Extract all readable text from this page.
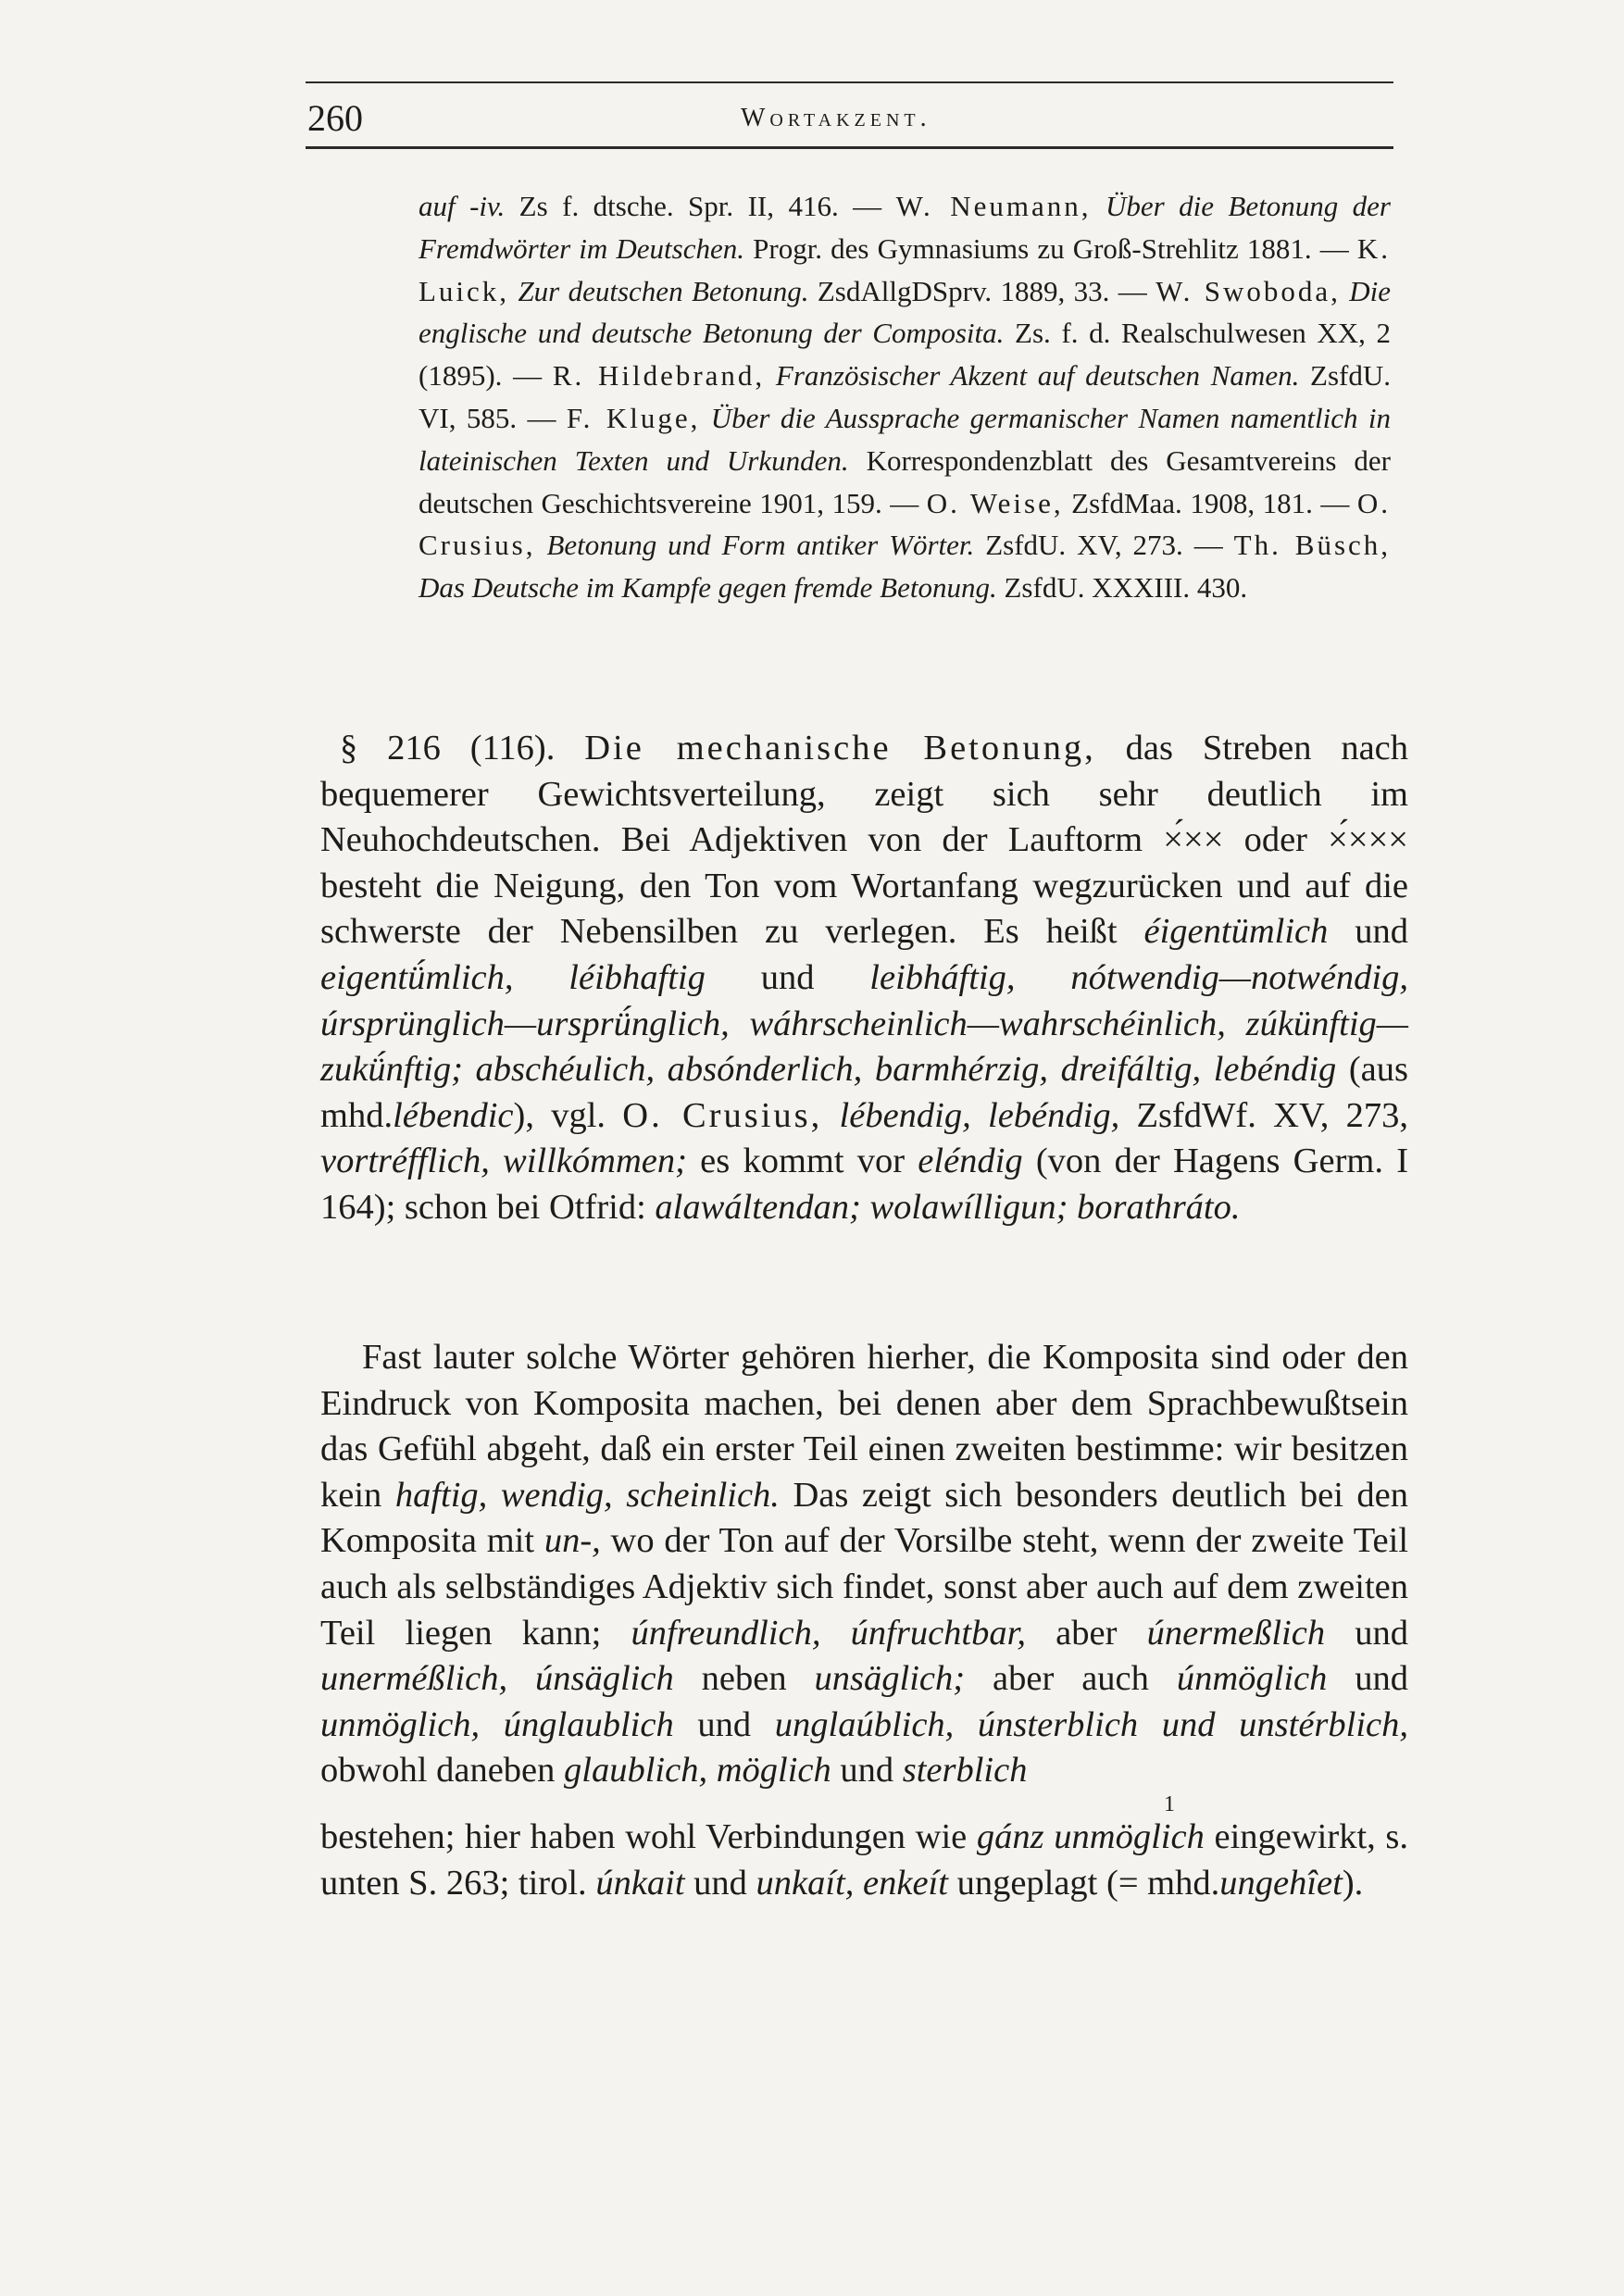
260	Wortakzent.
auf -iv. Zs f. dtsche. Spr. II, 416. — W. Neumann, Über die Betonung der Fremdwörter im Deutschen. Progr. des Gymnasiums zu Groß-Strehlitz 1881. — K. Luick, Zur deutschen Betonung. ZsdAllgDSprv. 1889, 33. — W. Swoboda, Die englische und deutsche Betonung der Composita. Zs. f. d. Realschulwesen XX, 2 (1895). — R. Hildebrand, Französischer Akzent auf deutschen Namen. ZsfdU. VI, 585. — F. Kluge, Über die Aussprache germanischer Namen namentlich in lateinischen Texten und Urkunden. Korrespondenzblatt des Gesamtvereins der deutschen Geschichtsvereine 1901, 159. — O. Weise, ZsfdMaa. 1908, 181. — O. Crusius, Betonung und Form antiker Wörter. ZsfdU. XV, 273. — Th. Büsch, Das Deutsche im Kampfe gegen fremde Betonung. ZsfdU. XXXIII. 430.
§ 216 (116). Die mechanische Betonung, das Streben nach bequemerer Gewichtsverteilung, zeigt sich sehr deutlich im Neuhochdeutschen. Bei Adjektiven von der Lauftorm ×́×× oder ×́××× besteht die Neigung, den Ton vom Wortanfang wegzurücken und auf die schwerste der Nebensilben zu verlegen. Es heißt éigentümlich und eigentǘmlich, léibhaftig und leibháftig, nótwendig—notwéndig, úrsprünglich—ursprǘnglich, wáhrscheinlich—wahrschéinlich, zúkünftig—zukǘnftig; abschéulich, absónderlich, barmhérzig, dreifáltig, lebéndig (aus mhd.lébendic), vgl. O. Crusius, lébendig, lebéndig, ZsfdWf. XV, 273, vortréfflich, willkómmen; es kommt vor eléndig (von der Hagens Germ. I 164); schon bei Otfrid: alawáltendan; wolawílligun; borathráto.
Fast lauter solche Wörter gehören hierher, die Komposita sind oder den Eindruck von Komposita machen, bei denen aber dem Sprachbewußtsein das Gefühl abgeht, daß ein erster Teil einen zweiten bestimme: wir besitzen kein haftig, wendig, scheinlich. Das zeigt sich besonders deutlich bei den Komposita mit un-, wo der Ton auf der Vorsilbe steht, wenn der zweite Teil auch als selbständiges Adjektiv sich findet, sonst aber auch auf dem zweiten Teil liegen kann; únfreundlich, únfruchtbar, aber únermeßlich und unerméßlich, únsäglich neben unsäglich; aber auch únmöglich und unmöglich, únglaublich und unglaúblich, únsterblich und unstérblich, obwohl daneben glaublich, möglich und sterblich
1
bestehen; hier haben wohl Verbindungen wie gánz unmöglich eingewirkt, s. unten S. 263; tirol. únkait und unkaít, enkeít ungeplagt (= mhd.ungehîet).
